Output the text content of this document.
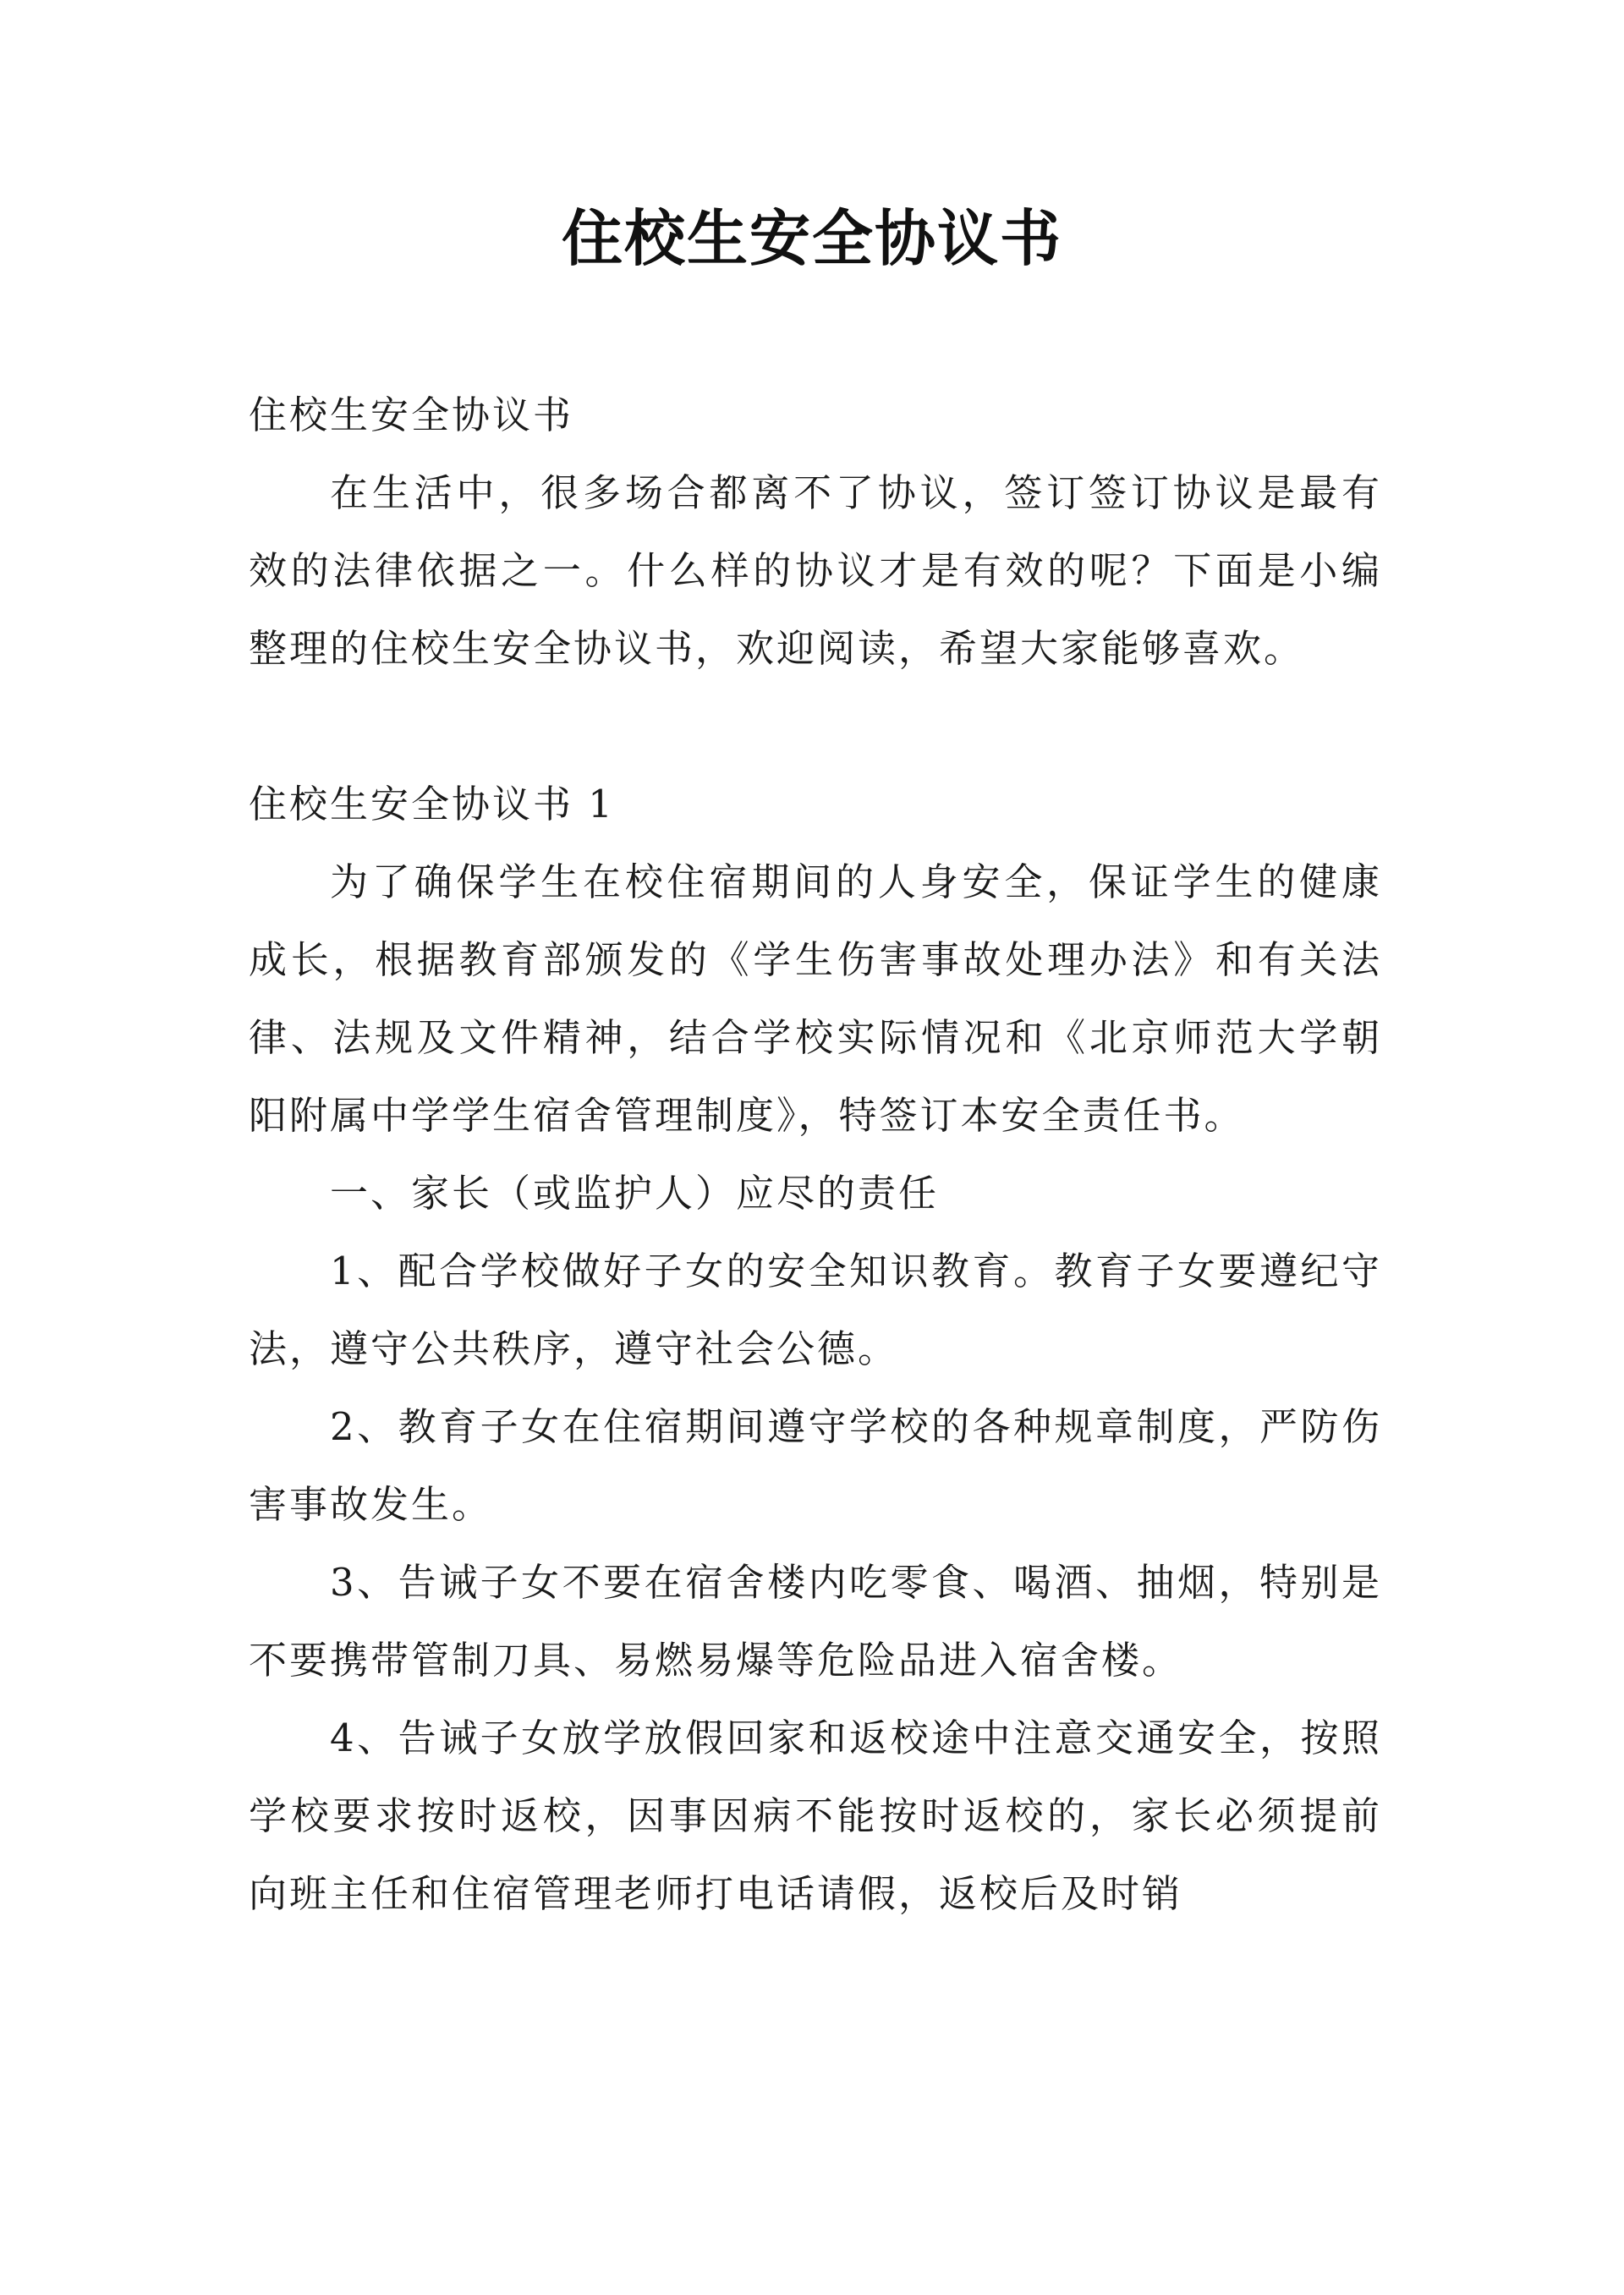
住校生安全协议书

住校生安全协议书

在生活中，很多场合都离不了协议，签订签订协议是最有效的法律依据之一。什么样的协议才是有效的呢？下面是小编整理的住校生安全协议书，欢迎阅读，希望大家能够喜欢。

住校生安全协议书 1

为了确保学生在校住宿期间的人身安全，保证学生的健康成长，根据教育部颁发的《学生伤害事故处理办法》和有关法律、法规及文件精神，结合学校实际情况和《北京师范大学朝阳附属中学学生宿舍管理制度》，特签订本安全责任书。

一、家长（或监护人）应尽的责任

1、配合学校做好子女的安全知识教育。教育子女要遵纪守法，遵守公共秩序，遵守社会公德。

2、教育子女在住宿期间遵守学校的各种规章制度，严防伤害事故发生。

3、告诫子女不要在宿舍楼内吃零食、喝酒、抽烟，特别是不要携带管制刀具、易燃易爆等危险品进入宿舍楼。

4、告诫子女放学放假回家和返校途中注意交通安全，按照学校要求按时返校，因事因病不能按时返校的，家长必须提前向班主任和住宿管理老师打电话请假，返校后及时销
